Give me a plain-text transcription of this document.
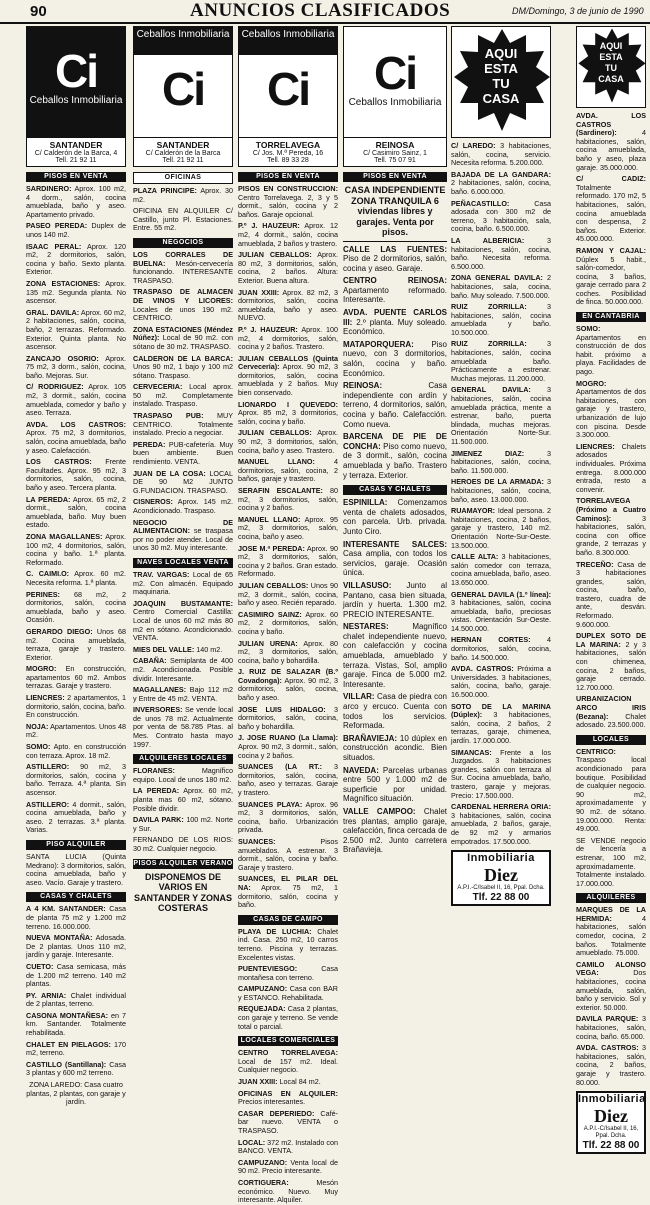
90	ANUNCIOS CLASIFICADOS	DM/Domingo, 3 de junio de 1990
Ci
Ceballos Inmobiliaria
SANTANDER
C/ Calderón de la Barca, 4
Tell. 21 92 11
PISOS EN VENTA
SARDINERO: Aprox. 100 m2, 4 dorm., salón, cocina amueblada, baño y aseo. Apartamento privado.
PASEO PEREDA: Duplex de unos 140 m2.
ISAAC PERAL: Aprox. 120 m2, 2 dormitorios, salón, cocina y baño. Sexto planta. Exterior.
ZONA ESTACIONES: Aprox. 135 m2. Segunda planta. No ascensor.
GRAL. DAVILA: Aprox. 60 m2, 2 habitaciones, salón, cocina, baño, 2 terrazas. Reformado. Exterior. Quinta planta. No ascensor.
ZANCAJO OSORIO: Aprox. 75 m2, 3 dorm., salón, cocina, baño. Mejoras. Sur.
C/ RODRIGUEZ: Aprox. 105 m2, 3 dormit., salón, cocina amueblada, comedor y baño y aseo. Terraza.
AVDA. LOS CASTROS: Aprox. 75 m2, 3 dormitorios, salón, cocina amueblada, baño y aseo. Calefacción.
LOS CASTROS: Frente Facultades. Aprox. 95 m2, 3 dormitorios, salón, cocina, baño y aseo. Tercera planta.
LA PEREDA: Aprox. 65 m2, 2 dormit., salón, cocina amueblada, baño. Muy buen estado.
ZONA MAGALLANES: Aprox. 100 m2, 4 dormitorios, salón, cocina y baño. 1.ª planta. Reformado.
C. CAIMI.O: Aprox. 60 m2. Necesita reforma. 1.ª planta.
PERINES: 68 m2, 2 dormitorios, salón, cocina amueblada, baño y aseo. Ocasión.
GERARDO DIEGO: Unos 68 m2. Cocina amueblada, terraza, garaje y trastero. Exterior.
MOGRO: En construcción, apartamentos 60 m2. Ambos terrazas. Garaje y trastero.
LIENCRES: 2 apartamentos, 1 dormitorio, salón, cocina, baño. En construcción.
NOJA: Apartamentos. Unos 48 m2.
SOMO: Apto. en construcción con terraza. Aprox. 18 m2.
ASTILLERO: 90 m2, 3 dormitorios, salón, cocina y baño. Terraza. 4.ª planta. Sin ascensor.
ASTILLERO: 4 dormit., salón, cocina amueblada, baño y aseo. 2 terrazas. 3.ª planta. Varias.
PISO ALQUILER
SANTA LUCIA (Quinta Medrano): 3 dormitorios, salón, cocina amueblada, baño y aseo. Vacío. Garaje y trastero.
CASAS Y CHALETS
A 4 KM. SANTANDER: Casa de planta 75 m2 y 1.200 m2 terreno. 16.000.000.
NUEVA MONTAÑA: Adosada. De 2 plantas. Unos 110 m2, jardín y garaje. Interesante.
CUETO: Casa semicasa, más de 1.200 m2 terreno. 140 m2 plantas.
PY. ARNIA: Chalet individual de 2 plantas, terreno.
CASONA MONTAÑESA: en 7 km. Santander. Totalmente rehabilitada.
CHALET EN PIELAGOS: 170 m2, terreno.
CASTILLO (Santillana): Casa 3 plantas y 600 m2 terreno.
ZONA LAREDO: Casa cuatro plantas, 2 plantas, con garaje y jardín.
Ceballos Inmobiliaria
Ci
SANTANDER
C/ Calderón de la Barca
Tell. 21 92 11
OFICINAS
PLAZA PRINCIPE: Aprox. 30 m2.
OFICINA EN ALQUILER C/ Castillo, junto Pl. Estaciones. Entre. 55 m2.
NEGOCIOS
LOS CORRALES DE BUELNA: Mesón-cervecería funcionando. INTERESANTE TRASPASO.
TRASPASO DE ALMACEN DE VINOS Y LICORES: Locales de unos 190 m2. CENTRICO.
ZONA ESTACIONES (Méndez Núñez): Local de 90 m2. con sótano de 30 m2. TRASPASO.
CALDERON DE LA BARCA: Unos 90 m2, 1 bajo y 100 m2 sótano. Traspaso.
CERVECERIA: Local aprox. 50 m2. Completamente instalado. Traspaso.
TRASPASO PUB: MUY CENTRICO. Totalmente instalado. Precio a negociar.
PEREDA: PUB-cafetería. Muy buen ambiente. Buen rendimiento. VENTA.
JUAN DE LA COSA: LOCAL DE 90 M2 JUNTO G.FUNDACION. TRASPASO.
CISNEROS: Aprox. 145 m2. Acondicionado. Traspaso.
NEGOCIO DE ALIMENTACION: se traspasa por no poder atender. Local de unos 30 m2. Muy interesante.
NAVES LOCALES VENTA
TRAV. VARGAS: Local de 65 m2. Con almacén. Equipado maquinaria.
JOAQUIN BUSTAMANTE: Centro Comercial Castilla: Local de unos 60 m2 más 80 m2 en sótano. Acondicionado. VENTA.
MIES DEL VALLE: 140 m2.
CABAÑA: Semiplanta de 400 m2. Acondicionada. Posible dividir. Interesante.
MAGALLANES: Bajo 112 m2 y Entre de 45 m2. VENTA.
INVERSORES: Se vende local de unos 78 m2. Actualmente por venta de 58.785 Ptas. al Mes. Contrato hasta mayo 1997.
ALQUILERES LOCALES
FLORANES: Magnífico equipo. Local de unos 180 m2.
LA PEREDA: Aprox. 60 m2, planta mas 60 m2, sótano. Posible dividir.
DAVILA PARK: 100 m2. Norte y Sur.
FERNANDO DE LOS RIOS: 30 m2. Cualquier negocio.
PISOS ALQUILER VERANO
DISPONEMOS DE VARIOS EN SANTANDER Y ZONAS COSTERAS
Ceballos Inmobiliaria
Ci
TORRELAVEGA
C/ Jos. M.ª Pereda, 16
Tell. 89 33 28
PISOS EN VENTA
PISOS EN CONSTRUCCION: Centro Torrelavega. 2, 3 y 5 dormit., salón, cocina y 2 baños. Garaje opcional.
P.º J. HAUZEUR: Aprox. 12 m2, 4 dormit., salón, cocina amueblada, 2 baños y trastero.
JULIAN CEBALLOS: Aprox. 80 m2, 3 dormitorios, salón, cocina, 2 baños. Altura: Exterior. Buena altura.
JUAN XXIII: Aprox. 82 m2, 3 dormitorios, salón, cocina amueblada, baño y aseo. NUEVO.
P.º J. HAUZEUR: Aprox. 100 m2, 4 dormitorios, salón, cocina y 2 baños. Trastero.
JULIAN CEBALLOS (Quinta Cervecería): Aprox. 90 m2, 3 dormitorios, salón, cocina amueblada y 2 baños. Muy bien conservado.
LIONARDO I QUEVEDO: Aprox. 85 m2, 3 dormitorios, salón, cocina y baño.
JULIAN CEBALLOS: Aprox. 90 m2, 3 dormitorios, salón, cocina, baño y aseo. Trastero.
MANUEL LLANO: 4 dormitorios, salón, cocina, 2 baños, garaje y trastero.
SERAFIN ESCALANTE: 80 m2, 3 dormitorios, salón, cocina y 2 baños.
MANUEL LLANO: Aprox. 95 m2, 3 dormitorios, salón, cocina, baño y aseo.
JOSE M.ª PEREDA: Aprox. 90 m2, 3 dormitorios, salón, cocina y 2 baños. Gran estado. Reformado.
JULIAN CEBALLOS: Unos 90 m2, 3 dormit., salón, cocina, baño y aseo. Recién reparado.
CASIMIRO SAINZ: Aprox. 60 m2, 2 dormitorios, salón, cocina y baño.
JULIAN URENA: Aprox. 80 m2, 3 dormitorios, salón, cocina, baño y bohardilla.
J. RUIZ DE SALAZAR (B.º Covadonga): Aprox. 90 m2, 3 dormitorios, salón, cocina, baño y aseo.
JOSE LUIS HIDALGO: 3 dormitorios, salón, cocina, baño y bohardilla.
J. JOSE RUANO (La Llama): Aprox. 90 m2, 3 dormit., salón, cocina y 2 baños.
SUANCES (LA RT.: 3 dormitorios, salón, cocina, baño, aseo y terrazas. Garaje y trastero.
SUANCES PLAYA: Aprox. 96 m2, 3 dormitorios, salón, cocina, baño. Urbanización privada.
SUANCES: Pisos amueblados. A estrenar. 3 dormit., salón, cocina y baño. Garaje y trastero.
SUANCES, EL PILAR DEL NA: Aprox. 75 m2, 1 dormitorio, salón, cocina y baño.
CASAS DE CAMPO
PLAYA DE LUCHIA: Chalet ind. Casa. 250 m2, 10 carros terreno. Piscina y terrazas. Excelentes vistas.
PUENTEVIESGO: Casa montañesa con terreno.
CAMPUZANO: Casa con BAR y ESTANCO. Rehabilitada.
REQUEJADA: Casa 2 plantas, con garaje y terreno. Se vende total o parcial.
LOCALES COMERCIALES
CENTRO TORRELAVEGA: Local de 157 m2. Ideal. Cualquier negocio.
JUAN XXIII: Local 84 m2.
OFICINAS EN ALQUILER: Precios interesantes.
CASAR DEPERIEDO: Café-bar nuevo. VENTA o TRASPASO.
LOCAL: 372 m2. Instalado con BANCO. VENTA.
CAMPUZANO: Venta local de 90 m2. Precio interesante.
CORTIGUERA: Mesón económico. Nuevo. Muy interesante. Alquiler.
Ci
Ceballos Inmobiliaria
REINOSA
C/ Casimiro Sainz, 1
Tell. 75 07 91
PISOS EN VENTA
CASA INDEPENDIENTE ZONA TRANQUILA 6 viviendas libres y garajes. Venta por pisos.
CALLE LAS FUENTES: Piso de 2 dormitorios, salón, cocina y aseo. Garaje.
CENTRO REINOSA: Apartamento reformado. Interesante.
AVDA. PUENTE CARLOS III: 2.º planta. Muy soleado. Económico.
MATAPORQUERA: Piso nuevo, con 3 dormitorios, salón, cocina y baño. Económico.
REINOSA: Casa independiente con ardín y terreno, 4 dormitorios, salón, cocina y baño. Calefacción. Como nueva.
BARCENA DE PIE DE CONCHA: Piso como nuevo, de 3 dormit., salón, cocina amueblada y baño. Trastero y terraza. Exterior.
CASAS Y CHALETS
ESPINILLA: Comenzamos venta de chalets adosados, con parcela. Urb. privada. Junto Ciro.
INTERESANTE SALCES: Casa amplia, con todos los servicios, garaje. Ocasión única.
VILLASUSO: Junto al Pantano, casa bien situada, jardín y huerta. 1.300 m2. PRECIO INTERESANTE.
NESTARES: Magnífico chalet independiente nuevo, con calefacción y cocina amueblada, amueblado y terraza. Vistas, Sol, amplio garaje. Finca de 5.000 m2. Interesante.
VILLAR: Casa de piedra con arco y ercuco. Cuenta con todos los servicios. Reformada.
BRAÑAVIEJA: 10 dúplex en construcción acondic. Bien situados.
NAVEDA: Parcelas urbanas entre 500 y 1.000 m2 de superficie por unidad. Magnífico situación.
VALLE CAMPOO: Chalet tres plantas, amplio garaje, calefacción, finca cercada de 2.500 m2. Junto carretera Brañavieja.
AQUI
ESTA
TU
CASA
C/ LAREDO: 3 habitaciones, salón, cocina, servicio. Necesita reforma. 5.200.000.
BAJADA DE LA GANDARA: 2 habitaciones, salón, cocina, baño. 6.000.000.
PEÑACASTILLO: Casa adosada con 300 m2 de terreno, 3 habitación, sala, cocina, baño. 6.500.000.
LA ALBERICIA: 3 habitaciones, salón, cocina, baño. Necesita reforma. 6.500.000.
ZONA GENERAL DAVILA: 2 habitaciones, sala, cocina, baño. Muy soleado. 7.500.000.
RUIZ ZORRILLA: 3 habitaciones, salón, cocina amueblada y baño. 10.500.000.
RUIZ ZORRILLA: 3 habitaciones, salón, cocina amueblada baño. Prácticamente a estrenar. Muchas mejoras. 11.200.000.
GENERAL DAVILA: 3 habitaciones, salón, cocina amueblada práctica, mente a estrenar, baño, puerta blindada, muchas mejoras. Orientación Norte-Sur. 11.500.000.
JIMENEZ DIAZ: 3 habitaciones, salón, cocina, baño. 11.500.000.
HEROES DE LA ARMADA: 3 habitaciones, salón, cocina, baño, aseo. 13.000.000.
RUAMAYOR: Ideal persona. 2 habitaciones, cocina, 2 baños, garaje y trastero, 140 m2. Orientación Norte-Sur-Oeste. 13.500.000.
CALLE ALTA: 3 habitaciones, salón comedor con terraza, cocina amueblada, baño, aseo. 13.650.000.
GENERAL DAVILA (1.º línea): 3 habitaciones, salón, cocina amueblada, baño, preciosas vistas. Orientación Sur-Oeste. 14.500.000.
HERNAN CORTES: 4 dormitorios, salón, cocina, baño. 14.500.000.
AVDA. CASTROS: Próxima a Universidades. 3 habitaciones, salón, cocina, baño, garaje. 16.500.000.
SOTO DE LA MARINA (Dúplex): 3 habitaciones, salón, cocina, 2 baños, 2 terrazas, garaje, chimenea, jardín. 17.000.000.
SIMANCAS: Frente a los Juzgados. 3 habitaciones grandes, salón con terraza al Sur. Cocina amueblada, baño, trastero, garaje y mejoras. Precio: 17.500.000.
CARDENAL HERRERA ORIA: 3 habitaciones, salón, cocina amueblada, 2 baños, garaje, de 92 m2 y armarios empotrados. 17.500.000.
Inmobiliaria
Diez
A.P.I.-C/Isabel II, 16, Ppal. Dcha.
Tlf. 22 88 00
AQUI
ESTA
TU
CASA
AVDA. LOS CASTROS (Sardinero): 4 habitaciones, salón, cocina amueblada, baño y aseo, plaza garaje. 35.000.000.
C/ CADIZ: Totalmente reformado. 170 m2, 5 habitaciones, salón, cocina amueblada con despensa, 2 baños. Exterior. 45.000.000.
RAMON Y CAJAL: Dúplex 5 habit., salón-comedor, cocina, 3 baños, garaje cerrado para 2 coches. Posibilidad de finca. 50.000.000.
EN CANTABRIA
SOMO: Apartamentos en construcción de dos habit. próximo a playa. Facilidades de pago.
MOGRO: Apartamentos de dos habitaciones, con garaje y trastero, urbanización de lujo con piscina. Desde 3.300.000.
LIENCRES: Chalets adosados individuales. Próxima entrega. 8.000.000 entrada, resto a convenir.
TORRELAVEGA (Próximo a Cuatro Caminos): 3 habitaciones, salón, cocina con office grande, 2 terrazas y baño. 8.300.000.
TRECEÑO: Casa de 3 habitaciones grandes, salón, cocina, baño, trastero, cuadra de ante, desván. Reformado. 9.600.000.
DUPLEX SOTO DE LA MARINA: 2 y 3 habitaciones, salón con chimenea, cocina, 2 baños, garaje cerrado. 12.700.000.
URBANIZACION ARCO IRIS (Bezana): Chalet adosado. 23.500.000.
LOCALES
CENTRICO: Traspaso local acondicionado para boutique. Posibilidad de cualquier negocio. 90 m2, aproximadamente y 90 m2. de sótano. 19.000.000. Renta: 49.000.
SE VENDE negocio de lencería a estrenar, 100 m2, aproximadamente. Totalmente instalado. 17.000.000.
ALQUILERES
MARQUES DE LA HERMIDA: 4 habitaciones, salón comedor, cocina, 2 baños. Totalmente amueblado. 75.000.
CAMILO ALONSO VEGA: Dos habitaciones, cocina amueblada, salón, baño y servicio. Sol y exterior. 50.000.
DAVILA PARQUE: 3 habitaciones, salón, cocina, baño. 65.000.
AVDA. CASTROS: 3 habitaciones, salón, cocina, 2 baños, garaje y trastero. 80.000.
Inmobiliaria
Diez
A.P.I.-C/Isabel II, 16, Ppal. Dcha.
Tlf. 22 88 00
